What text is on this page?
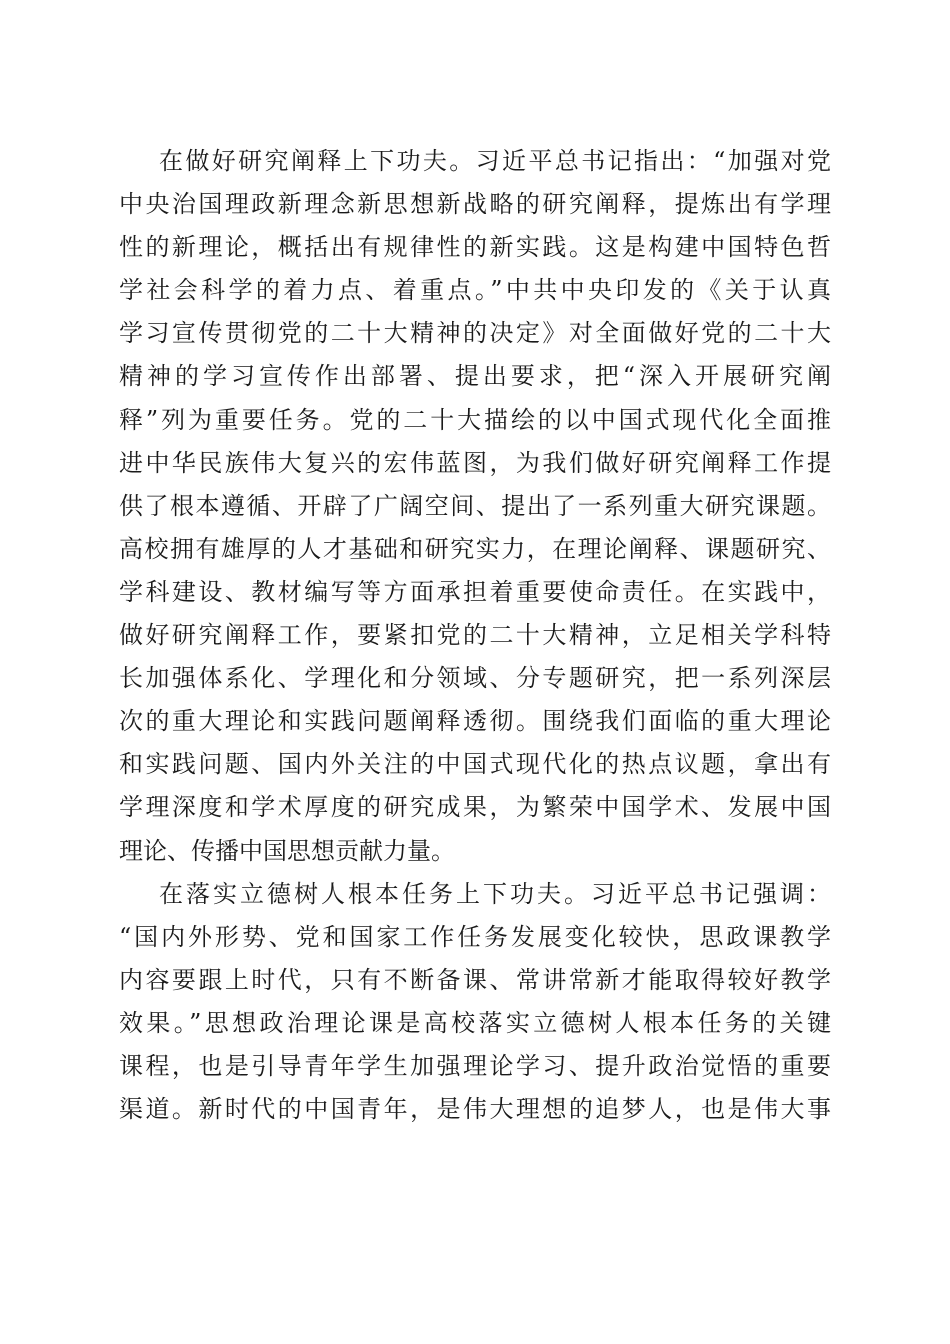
在做好研究阐释上下功夫。习近平总书记指出：“加强对党
中央治国理政新理念新思想新战略的研究阐释，提炼出有学理
性的新理论，概括出有规律性的新实践。这是构建中国特色哲
学社会科学的着力点、着重点。”中共中央印发的《关于认真
学习宣传贯彻党的二十大精神的决定》对全面做好党的二十大
精神的学习宣传作出部署、提出要求，把“深入开展研究阐
释”列为重要任务。党的二十大描绘的以中国式现代化全面推
进中华民族伟大复兴的宏伟蓝图，为我们做好研究阐释工作提
供了根本遵循、开辟了广阔空间、提出了一系列重大研究课题。
高校拥有雄厚的人才基础和研究实力，在理论阐释、课题研究、
学科建设、教材编写等方面承担着重要使命责任。在实践中，
做好研究阐释工作，要紧扣党的二十大精神，立足相关学科特
长加强体系化、学理化和分领域、分专题研究，把一系列深层
次的重大理论和实践问题阐释透彻。围绕我们面临的重大理论
和实践问题、国内外关注的中国式现代化的热点议题，拿出有
学理深度和学术厚度的研究成果，为繁荣中国学术、发展中国
理论、传播中国思想贡献力量。
在落实立德树人根本任务上下功夫。习近平总书记强调：
“国内外形势、党和国家工作任务发展变化较快，思政课教学
内容要跟上时代，只有不断备课、常讲常新才能取得较好教学
效果。”思想政治理论课是高校落实立德树人根本任务的关键
课程，也是引导青年学生加强理论学习、提升政治觉悟的重要
渠道。新时代的中国青年，是伟大理想的追梦人，也是伟大事
